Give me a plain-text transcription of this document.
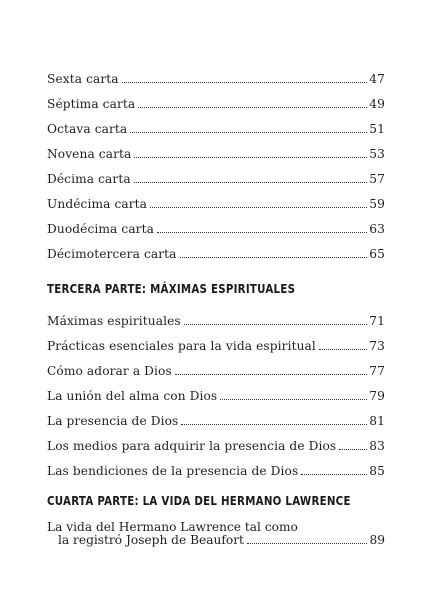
Sexta carta	47
Séptima carta	49
Octava carta	51
Novena carta	53
Décima carta	57
Undécima carta	59
Duodécima carta	63
Décimotercera carta	65
TERCERA PARTE: MÁXIMAS ESPIRITUALES
Máximas espirituales	71
Prácticas esenciales para la vida espiritual	73
Cómo adorar a Dios	77
La unión del alma con Dios	79
La presencia de Dios	81
Los medios para adquirir la presencia de Dios	83
Las bendiciones de la presencia de Dios	85
CUARTA PARTE: LA VIDA DEL HERMANO LAWRENCE
La vida del Hermano Lawrence tal como
la registró Joseph de Beaufort	89
